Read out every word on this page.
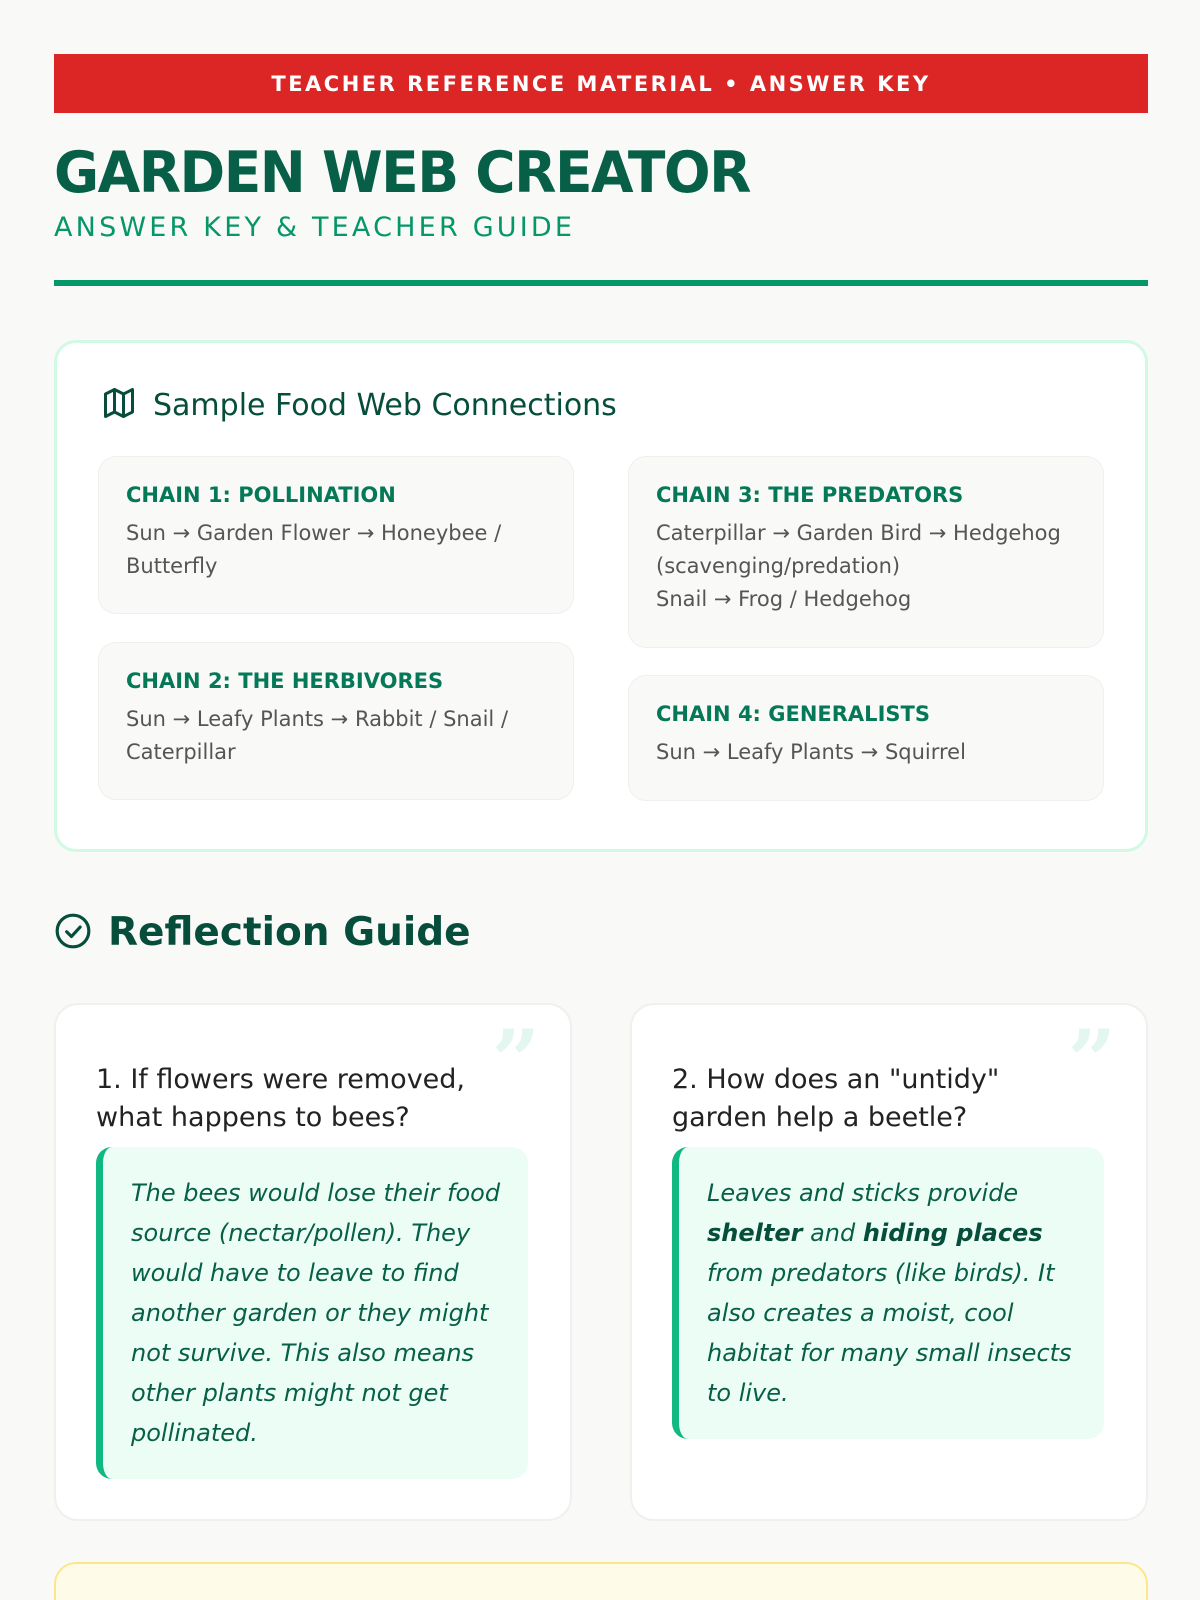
TEACHER REFERENCE MATERIAL • ANSWER KEY
GARDEN WEB CREATOR
ANSWER KEY & TEACHER GUIDE
Sample Food Web Connections
CHAIN 1: POLLINATION
Sun → Garden Flower → Honeybee / Butterfly
CHAIN 2: THE HERBIVORES
Sun → Leafy Plants → Rabbit / Snail / Caterpillar
CHAIN 3: THE PREDATORS
Caterpillar → Garden Bird → Hedgehog (scavenging/predation)
Snail → Frog / Hedgehog
CHAIN 4: GENERALISTS
Sun → Leafy Plants → Squirrel
Reflection Guide
”
1. If flowers were removed, what happens to bees?
The bees would lose their food source (nectar/pollen). They would have to leave to find another garden or they might not survive. This also means other plants might not get pollinated.
”
2. How does an "untidy" garden help a beetle?
Leaves and sticks provide shelter and hiding places from predators (like birds). It also creates a moist, cool habitat for many small insects to live.
